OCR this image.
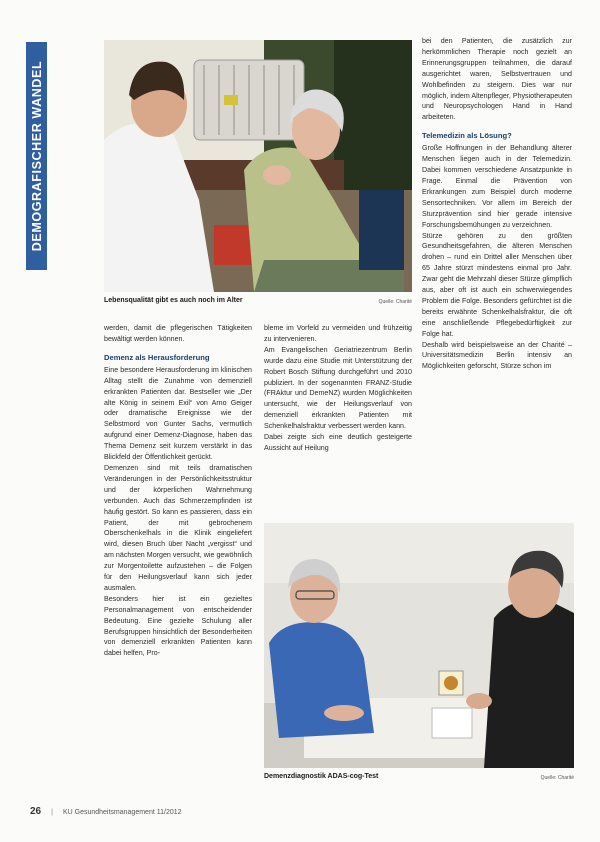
DEMOGRAFISCHER WANDEL
Lebensqualität gibt es auch noch im Alter	Quelle: Charité

bei den Patienten, die zusätzlich zur herkömmlichen Therapie noch gezielt an Erinnerungsgruppen teilnahmen, die darauf ausgerichtet waren, Selbstvertrauen und Wohlbefinden zu steigern. Dies war nur möglich, indem Altenpfleger, Physiotherapeuten und Neuropsychologen Hand in Hand arbeiteten.

Telemedizin als Lösung?

Große Hoffnungen in der Behandlung älterer Menschen liegen auch in der Telemedizin. Dabei kommen verschiedene Ansatzpunkte in Frage. Einmal die Prävention von Erkrankungen zum Beispiel durch moderne Sensortechniken. Vor allem im Bereich der Sturzprävention sind hier gerade intensive Forschungsbemühungen zu verzeichnen.

Stürze gehören zu den größten Gesundheitsgefahren, die älteren Menschen drohen – rund ein Drittel aller Menschen über 65 Jahre stürzt mindestens einmal pro Jahr. Zwar geht die Mehrzahl dieser Stürze glimpflich aus, aber oft ist auch ein schwerwiegendes Problem die Folge. Besonders gefürchtet ist die bereits erwähnte Schenkelhalsfraktur, die oft eine anschließende Pflegebedürftigkeit zur Folge hat.

Deshalb wird beispielsweise an der Charité – Universitätsmedizin Berlin intensiv an Möglichkeiten geforscht, Stürze schon im

werden, damit die pflegerischen Tätigkeiten bewältigt werden können.

Demenz als Herausforderung

Eine besondere Herausforderung im klinischen Alltag stellt die Zunahme von demenziell erkrankten Patienten dar. Bestseller wie „Der alte König in seinem Exil“ von Arno Geiger oder dramatische Ereignisse wie der Selbstmord von Gunter Sachs, vermutlich aufgrund einer Demenz-Diagnose, haben das Thema Demenz seit kurzem verstärkt in das Blickfeld der Öffentlichkeit gerückt.

Demenzen sind mit teils dramatischen Veränderungen in der Persönlichkeitsstruktur und der körperlichen Wahrnehmung verbunden. Auch das Schmerzempfinden ist häufig gestört. So kann es passieren, dass ein Patient, der mit gebrochenem Oberschenkelhals in die Klinik eingeliefert wird, diesen Bruch über Nacht „vergisst“ und am nächsten Morgen versucht, wie gewöhnlich zur Morgentoilette aufzustehen – die Folgen für den Heilungsverlauf kann sich jeder ausmalen.

Besonders hier ist ein gezieltes Personalmanagement von entscheidender Bedeutung. Eine gezielte Schulung aller Berufsgruppen hinsichtlich der Besonderheiten von demenziell erkrankten Patienten kann dabei helfen, Pro-

bleme im Vorfeld zu vermeiden und frühzeitig zu intervenieren.

Am Evangelischen Geriatriezentrum Berlin wurde dazu eine Studie mit Unterstützung der Robert Bosch Stiftung durchgeführt und 2010 publiziert. In der sogenannten FRANZ-Studie (FRAktur und DemeNZ) wurden Möglichkeiten untersucht, wie der Heilungsverlauf von demenziell erkrankten Patienten mit Schenkelhalsfraktur verbessert werden kann.

Dabei zeigte sich eine deutlich gesteigerte Aussicht auf Heilung

Demenzdiagnostik ADAS-cog-Test	Quelle: Charité
26 | KU Gesundheitsmanagement 11/2012
